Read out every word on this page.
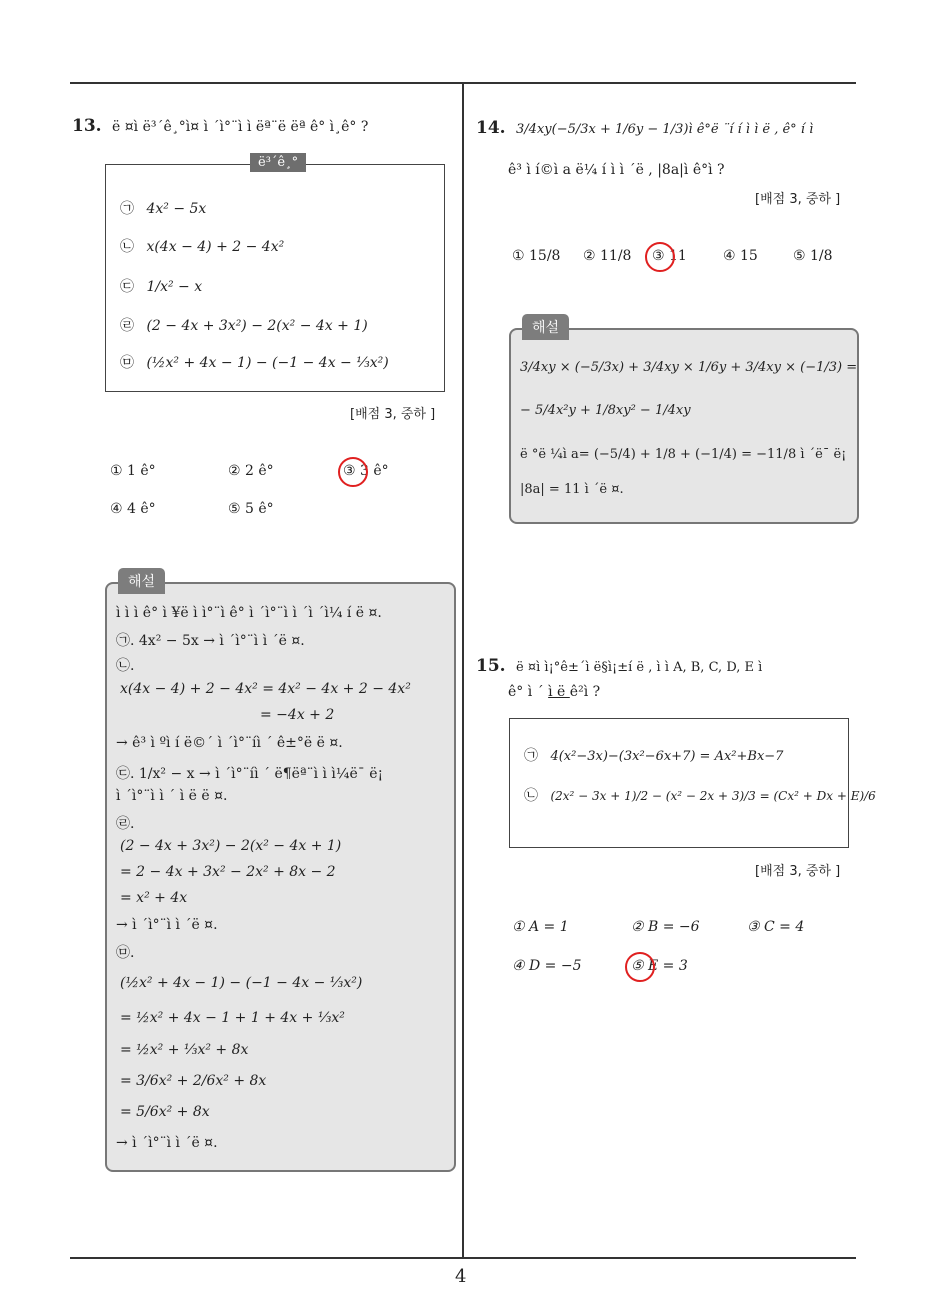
4
13. ë ¤ì ë³´ê¸°ì¤ ì ´ì°¨ì ì ëª¨ë ëª ê° ì¸ê° ?
ë³´ê¸°
㉠ 4x² − 5x
㉡ x(4x − 4) + 2 − 4x²
㉢ 1/x² − x
㉣ (2 − 4x + 3x²) − 2(x² − 4x + 1)
㉤ (½x² + 4x − 1) − (−1 − 4x − ⅓x²)
[배점 3, 중하 ]
① 1 ê°	② 2 ê°	③ 3 ê°
④ 4 ê°	⑤ 5 ê°
해설
ì ì ì ê° ì ¥ë ì ì°¨ì ê° ì ´ì°¨ì ì ´ì ´ì¼ í ë ¤.
㉠. 4x² − 5x → ì ´ì°¨ì ì ´ë ¤.
㉡.
x(4x − 4) + 2 − 4x² = 4x² − 4x + 2 − 4x²
= −4x + 2
→ ê³ ì ºì í ë©´ ì ´ì°¨íì ´ ê±°ë ë ¤.
㉢. 1/x² − x → ì ´ì°¨íì ´ ë¶ëª¨ì ì ì¼ë¯ ë¡
ì ´ì°¨ì ì ´ ì ë ë ¤.
㉣.
(2 − 4x + 3x²) − 2(x² − 4x + 1)
= 2 − 4x + 3x² − 2x² + 8x − 2
= x² + 4x
→ ì ´ì°¨ì ì ´ë ¤.
㉤.
(½x² + 4x − 1) − (−1 − 4x − ⅓x²)
= ½x² + 4x − 1 + 1 + 4x + ⅓x²
= ½x² + ⅓x² + 8x
= 3/6x² + 2/6x² + 8x
= 5/6x² + 8x
→ ì ´ì°¨ì ì ´ë ¤.
14. 3/4xy(−5/3x + 1/6y − 1/3)ì ê°ë ¨í í ì ì ë , ê° í ì
ê³ ì í©ì a ë¼ í ì ì ´ë , |8a|ì ê°ì ?
[배점 3, 중하 ]
① 15/8 ② 11/8 ③ 11	④ 15	⑤ 1/8
해설
3/4xy × (−5/3x) + 3/4xy × 1/6y + 3/4xy × (−1/3) =
− 5/4x²y + 1/8xy² − 1/4xy
ë °ë ¼ì a= (−5/4) + 1/8 + (−1/4) = −11/8 ì ´ë¯ ë¡
|8a| = 11 ì ´ë ¤.
15. ë ¤ì ì¡°ê±´ì ë§ì¡±í ë , ì ì A, B, C, D, E ì
ê° ì ´ ì ë ê²ì ?
㉠ 4(x²−3x)−(3x²−6x+7) = Ax²+Bx−7
㉡ (2x² − 3x + 1)/2 − (x² − 2x + 3)/3 = (Cx² + Dx + E)/6
[배점 3, 중하 ]
① A = 1	② B = −6	③ C = 4
④ D = −5	⑤ E = 3
